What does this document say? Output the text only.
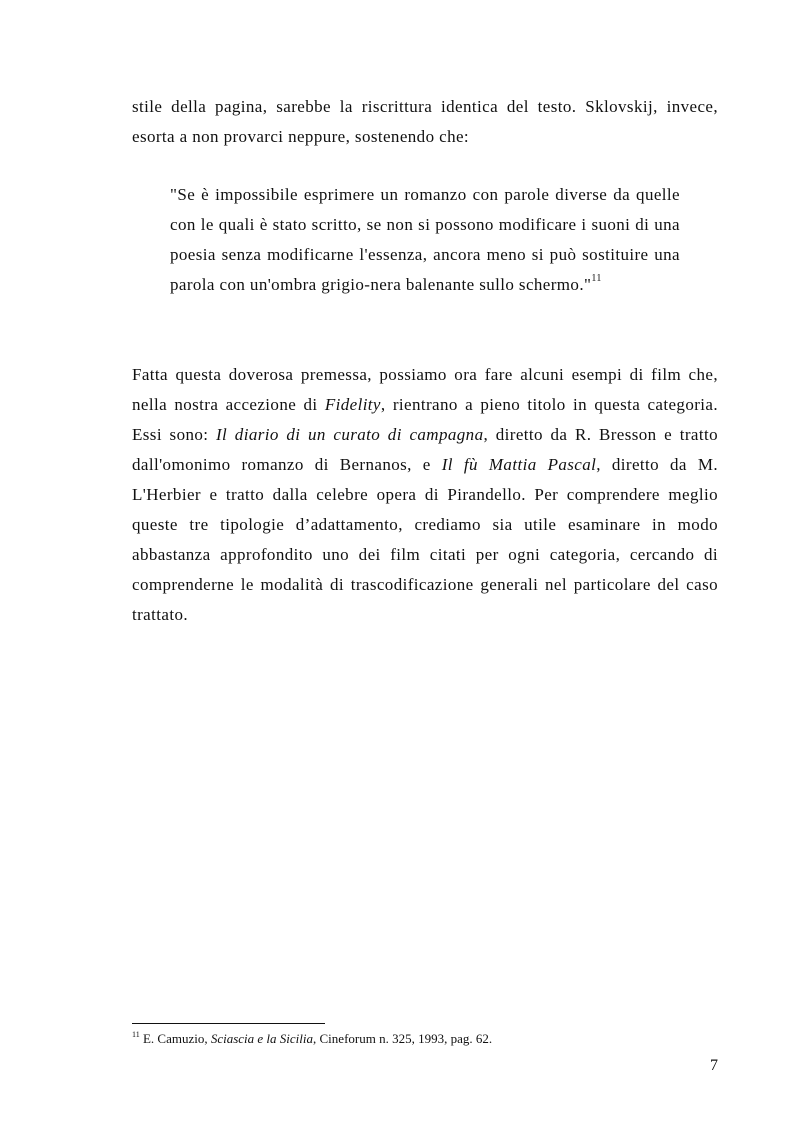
stile della pagina, sarebbe la riscrittura identica del testo. Sklovskij, invece, esorta a non provarci neppure, sostenendo che:

"Se è impossibile esprimere un romanzo con parole diverse da quelle con le quali è stato scritto, se non si possono modificare i suoni di una poesia senza modificarne l'essenza, ancora meno si può sostituire una parola con un'ombra grigio-nera balenante sullo schermo."$^{11}$

Fatta questa doverosa premessa, possiamo ora fare alcuni esempi di film che, nella nostra accezione di Fidelity, rientrano a pieno titolo in questa categoria. Essi sono: Il diario di un curato di campagna, diretto da R. Bresson e tratto dall'omonimo romanzo di Bernanos, e Il fù Mattia Pascal, diretto da M. L'Herbier e tratto dalla celebre opera di Pirandello. Per comprendere meglio queste tre tipologie d’adattamento, crediamo sia utile esaminare in modo abbastanza approfondito uno dei film citati per ogni categoria, cercando di comprenderne le modalità di trascodificazione generali nel particolare del caso trattato.

$^{11}$ E. Camuzio, Sciascia e la Sicilia, Cineforum n. 325, 1993, pag. 62.

7
